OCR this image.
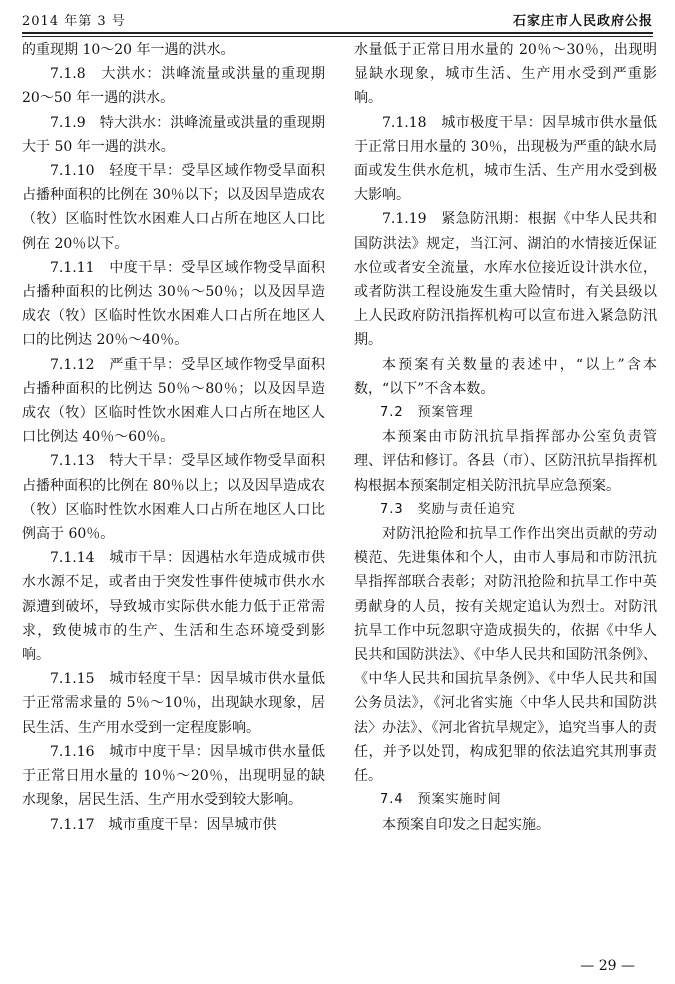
2014 年第 3 号	石家庄市人民政府公报

的重现期 10～20 年一遇的洪水。

7.1.8　大洪水：洪峰流量或洪量的重现期 20～50 年一遇的洪水。

7.1.9　特大洪水：洪峰流量或洪量的重现期大于 50 年一遇的洪水。

7.1.10　轻度干旱：受旱区域作物受旱面积占播种面积的比例在 30％以下；以及因旱造成农（牧）区临时性饮水困难人口占所在地区人口比例在 20％以下。

7.1.11　中度干旱：受旱区域作物受旱面积占播种面积的比例达 30％～50％；以及因旱造成农（牧）区临时性饮水困难人口占所在地区人口的比例达 20％～40％。

7.1.12　严重干旱：受旱区域作物受旱面积占播种面积的比例达 50％～80％；以及因旱造成农（牧）区临时性饮水困难人口占所在地区人口比例达 40％～60％。

7.1.13　特大干旱：受旱区域作物受旱面积占播种面积的比例在 80％以上；以及因旱造成农（牧）区临时性饮水困难人口占所在地区人口比例高于 60％。

7.1.14　城市干旱：因遇枯水年造成城市供水水源不足，或者由于突发性事件使城市供水水源遭到破坏，导致城市实际供水能力低于正常需求，致使城市的生产、生活和生态环境受到影响。

7.1.15　城市轻度干旱：因旱城市供水量低于正常需求量的 5％～10％，出现缺水现象，居民生活、生产用水受到一定程度影响。

7.1.16　城市中度干旱：因旱城市供水量低于正常日用水量的 10％～20％，出现明显的缺水现象，居民生活、生产用水受到较大影响。

7.1.17　城市重度干旱：因旱城市供

水量低于正常日用水量的 20％～30％，出现明显缺水现象，城市生活、生产用水受到严重影响。

7.1.18　城市极度干旱：因旱城市供水量低于正常日用水量的 30％，出现极为严重的缺水局面或发生供水危机，城市生活、生产用水受到极大影响。

7.1.19　紧急防汛期：根据《中华人民共和国防洪法》规定，当江河、湖泊的水情接近保证水位或者安全流量，水库水位接近设计洪水位，或者防洪工程设施发生重大险情时，有关县级以上人民政府防汛指挥机构可以宣布进入紧急防汛期。

本预案有关数量的表述中，“以上”含本数，“以下”不含本数。

7.2　预案管理

本预案由市防汛抗旱指挥部办公室负责管理、评估和修订。各县（市）、区防汛抗旱指挥机构根据本预案制定相关防汛抗旱应急预案。

7.3　奖励与责任追究

对防汛抢险和抗旱工作作出突出贡献的劳动模范、先进集体和个人，由市人事局和市防汛抗旱指挥部联合表彰；对防汛抢险和抗旱工作中英勇献身的人员，按有关规定追认为烈士。对防汛抗旱工作中玩忽职守造成损失的，依据《中华人民共和国防洪法》、《中华人民共和国防汛条例》、《中华人民共和国抗旱条例》、《中华人民共和国公务员法》，《河北省实施〈中华人民共和国防洪法〉办法》、《河北省抗旱规定》，追究当事人的责任，并予以处罚，构成犯罪的依法追究其刑事责任。

7.4　预案实施时间

本预案自印发之日起实施。

— 29 —
